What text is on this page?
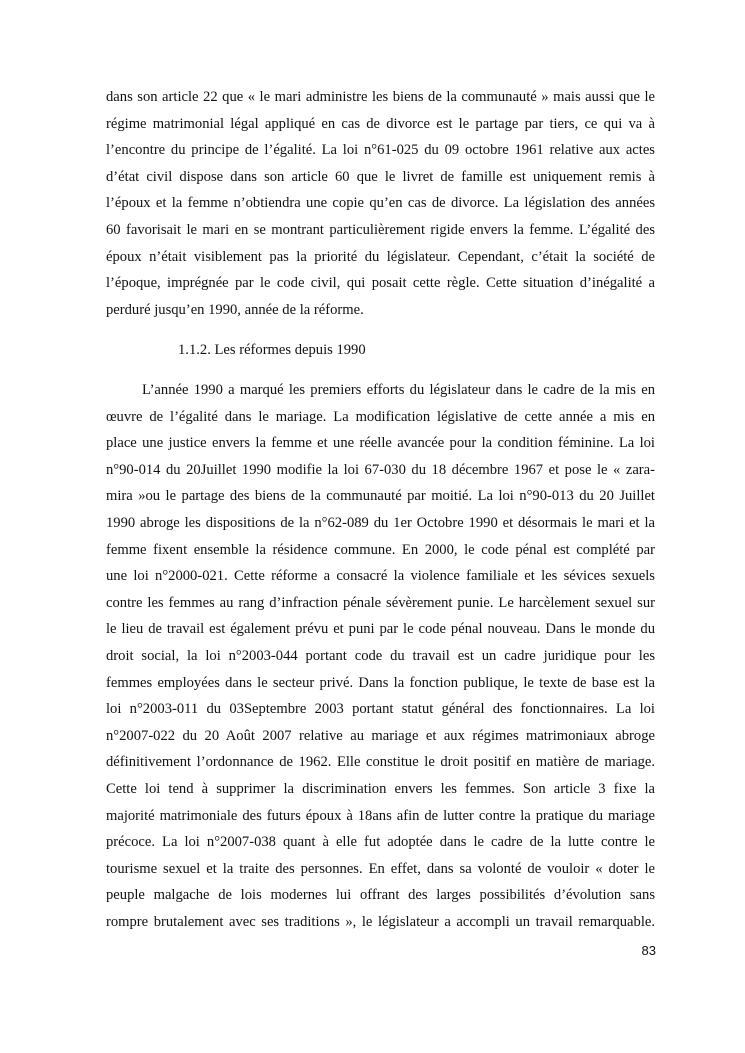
dans son article 22 que « le mari administre les biens de la communauté » mais aussi que le
régime matrimonial légal appliqué en cas de divorce est le partage par tiers, ce qui va à
l’encontre du principe de l’égalité. La loi n°61-025 du 09 octobre 1961 relative aux actes
d’état civil dispose dans son article 60 que le livret de famille est uniquement remis à
l’époux et la femme n’obtiendra une copie qu’en cas de divorce. La législation des années
60 favorisait le mari en se montrant particulièrement rigide envers la femme. L’égalité des
époux n’était visiblement pas la priorité du législateur. Cependant, c’était la société de
l’époque, imprégnée par le code civil, qui posait cette règle. Cette situation d’inégalité a
perduré jusqu’en 1990, année de la réforme.
1.1.2. Les réformes depuis 1990
L’année 1990 a marqué les premiers efforts du législateur dans le cadre de la mis en
œuvre de l’égalité dans le mariage. La modification législative de cette année a mis en
place une justice envers la femme et une réelle avancée pour la condition féminine. La loi
n°90-014 du 20Juillet 1990 modifie la loi 67-030 du 18 décembre 1967 et pose le « zara-
mira »ou le partage des biens de la communauté par moitié. La loi n°90-013 du 20 Juillet
1990 abroge les dispositions de la n°62-089 du 1er Octobre 1990 et désormais le mari et la
femme fixent ensemble la résidence commune. En 2000, le code pénal est complété par
une loi n°2000-021. Cette réforme a consacré la violence familiale et les sévices sexuels
contre les femmes au rang d’infraction pénale sévèrement punie. Le harcèlement sexuel sur
le lieu de travail est également prévu et puni par le code pénal nouveau. Dans le monde du
droit social, la loi n°2003-044 portant code du travail est un cadre juridique pour les
femmes employées dans le secteur privé. Dans la fonction publique, le texte de base est la
loi n°2003-011 du 03Septembre 2003 portant statut général des fonctionnaires. La loi
n°2007-022 du 20 Août 2007 relative au mariage et aux régimes matrimoniaux abroge
définitivement l’ordonnance de 1962. Elle constitue le droit positif en matière de mariage.
Cette loi tend à supprimer la discrimination envers les femmes. Son article 3 fixe la
majorité matrimoniale des futurs époux à 18ans afin de lutter contre la pratique du mariage
précoce. La loi n°2007-038 quant à elle fut adoptée dans le cadre de la lutte contre le
tourisme sexuel et la traite des personnes. En effet, dans sa volonté de vouloir « doter le
peuple malgache de lois modernes lui offrant des larges possibilités d’évolution sans
rompre brutalement avec ses traditions », le législateur a accompli un travail remarquable.
83
